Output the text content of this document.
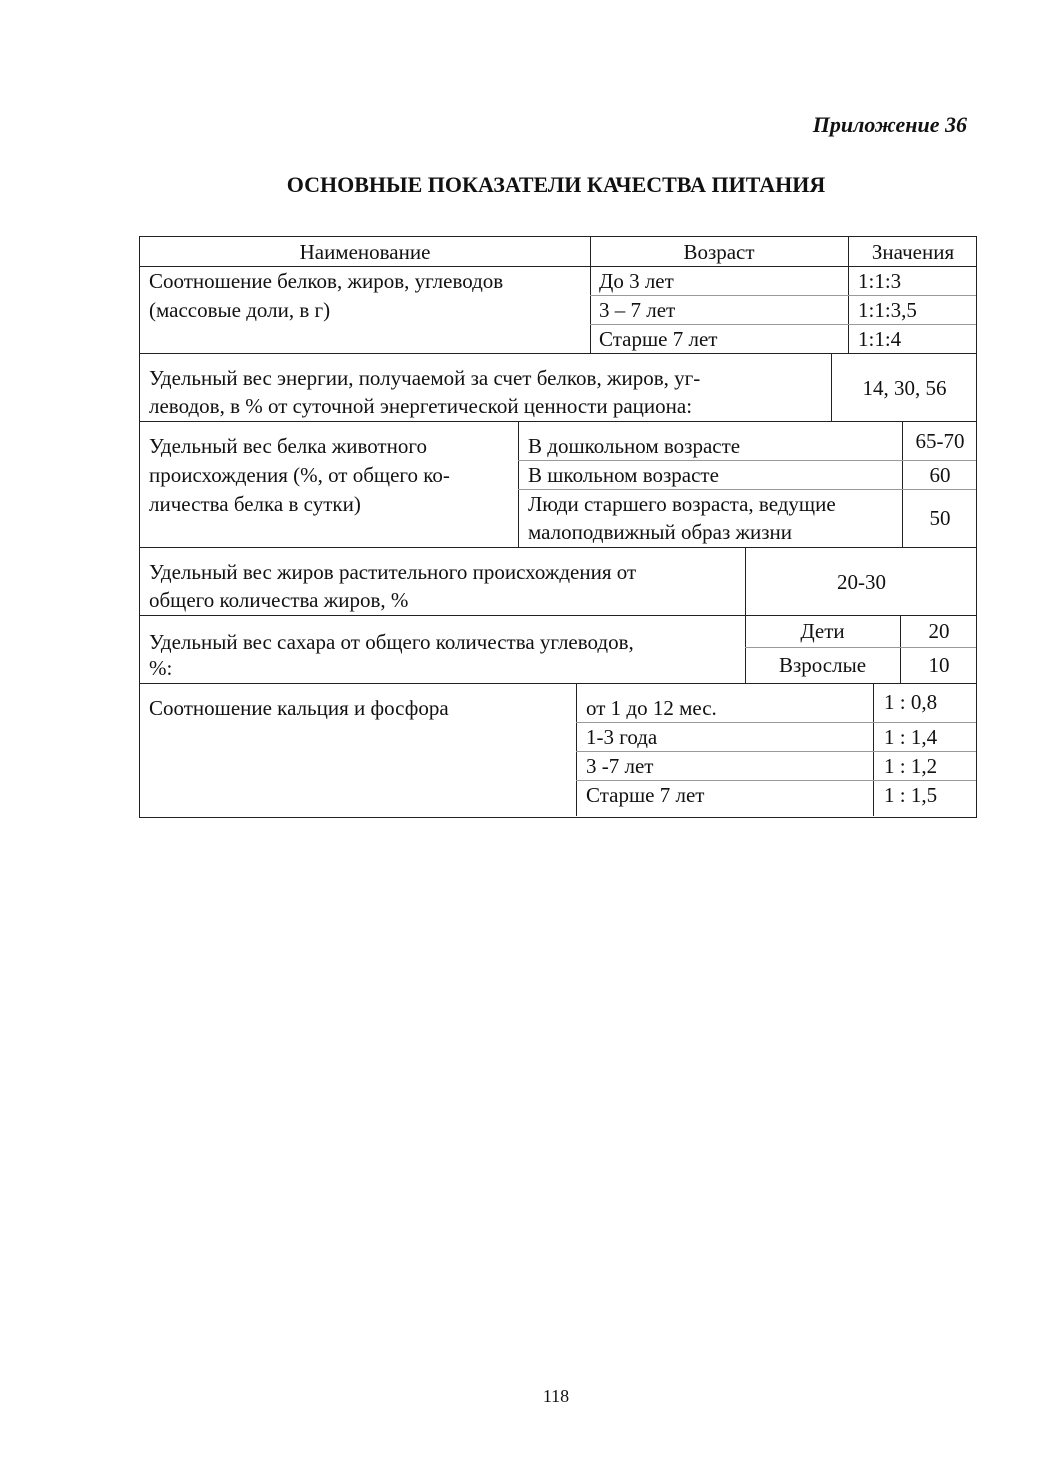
Приложение 36
ОСНОВНЫЕ ПОКАЗАТЕЛИ КАЧЕСТВА ПИТАНИЯ
Наименование	Возраст	Значения
Соотношение белков, жиров, углеводов (массовые доли, в г)
До 3 лет	1:1:3
3 – 7 лет	1:1:3,5
Старше 7 лет	1:1:4
Удельный вес энергии, получаемой за счет белков, жиров, уг-
леводов, в % от суточной энергетической ценности рациона:
14, 30, 56
Удельный вес белка животного
происхождения (%, от общего ко-
личества белка в сутки)
В дошкольном возрасте	65-70
В школьном возрасте	60
Люди старшего возраста, ведущие
малоподвижный образ жизни
50
Удельный вес жиров растительного происхождения от
общего количества жиров, %
20-30
Удельный вес сахара от общего количества углеводов,
%:
Дети	20
Взрослые	10
Соотношение кальция и фосфора	от 1 до 12 мес.	1 : 0,8
1-3 года	1 : 1,4
3 -7 лет	1 : 1,2
Старше 7 лет	1 : 1,5
118
